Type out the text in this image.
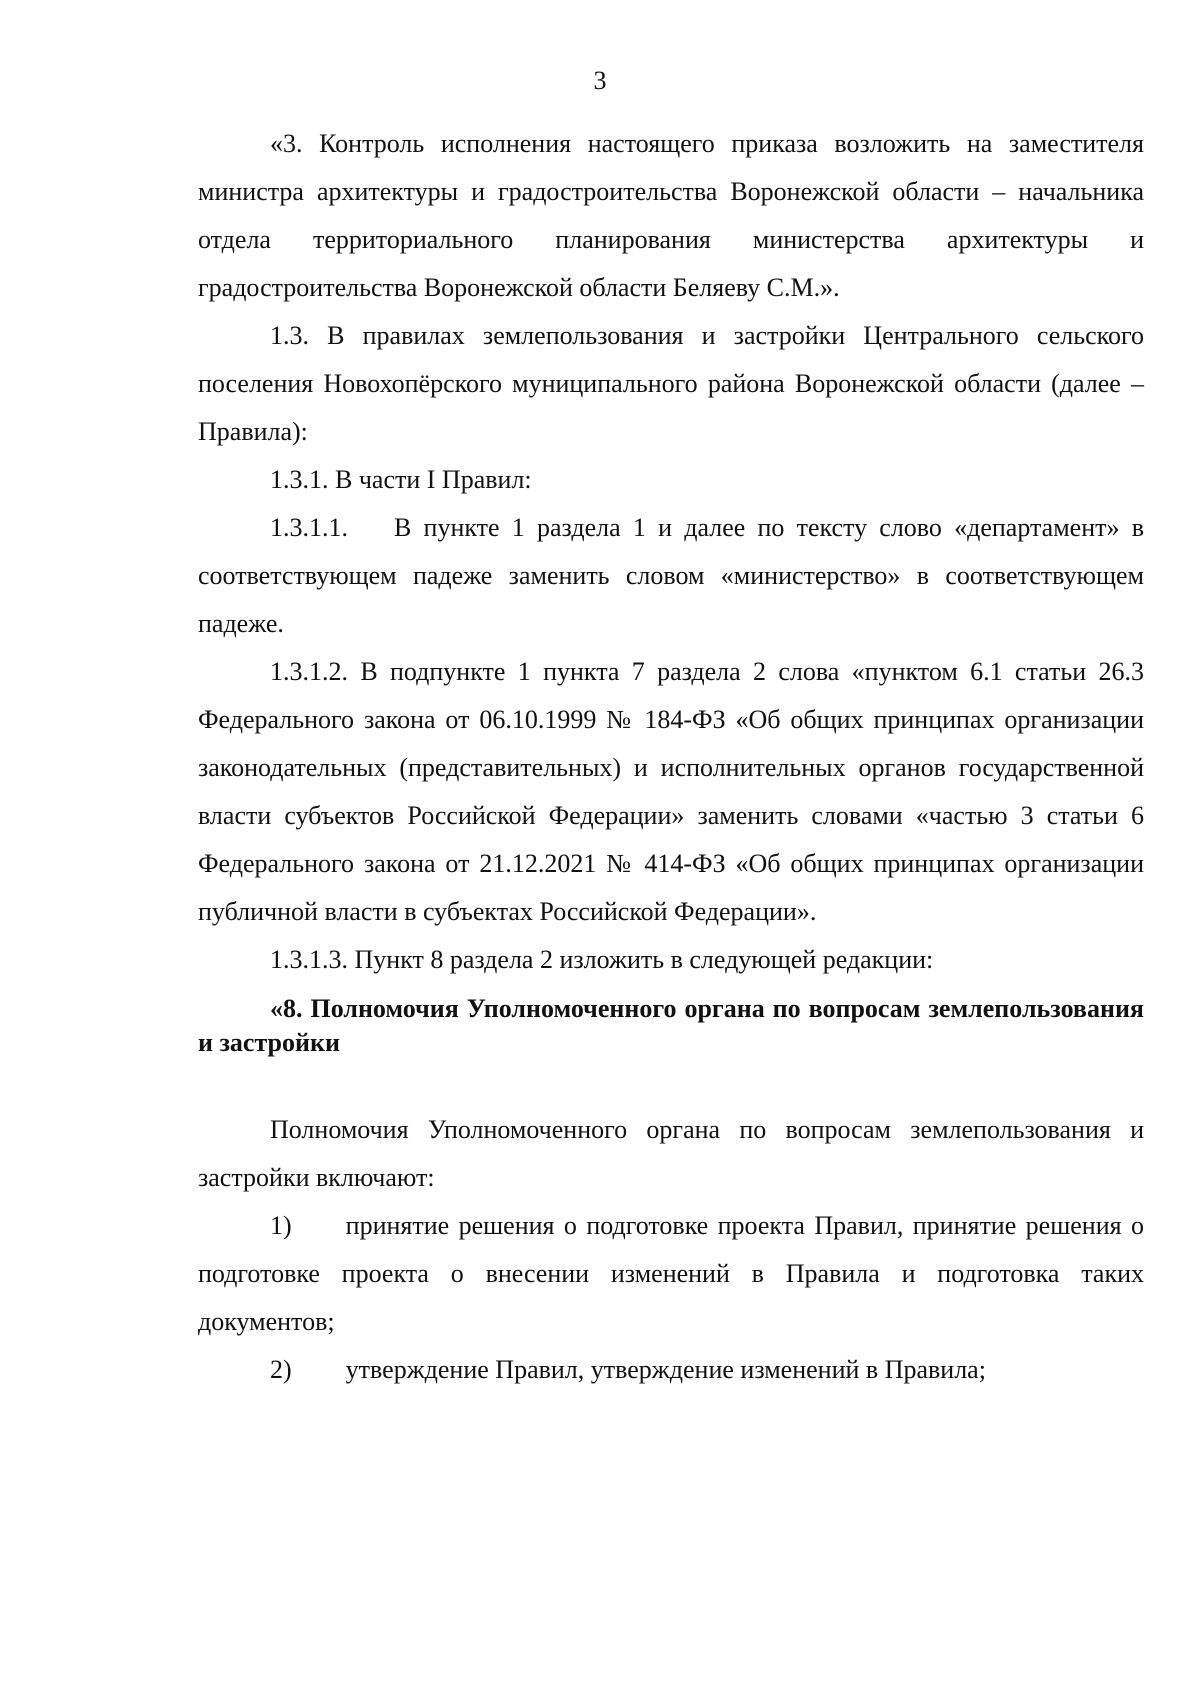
3

«3. Контроль исполнения настоящего приказа возложить на заместителя министра архитектуры и градостроительства Воронежской области – начальника отдела территориального планирования министерства архитектуры и градостроительства Воронежской области Беляеву С.М.».

1.3. В правилах землепользования и застройки Центрального сельского поселения Новохопёрского муниципального района Воронежской области (далее – Правила):

1.3.1. В части I Правил:

1.3.1.1. В пункте 1 раздела 1 и далее по тексту слово «департамент» в соответствующем падеже заменить словом «министерство» в соответствующем падеже.

1.3.1.2. В подпункте 1 пункта 7 раздела 2 слова «пунктом 6.1 статьи 26.3 Федерального закона от 06.10.1999 № 184-ФЗ «Об общих принципах организации законодательных (представительных) и исполнительных органов государственной власти субъектов Российской Федерации» заменить словами «частью 3 статьи 6 Федерального закона от 21.12.2021 № 414-ФЗ «Об общих принципах организации публичной власти в субъектах Российской Федерации».

1.3.1.3. Пункт 8 раздела 2 изложить в следующей редакции:

«8. Полномочия Уполномоченного органа по вопросам землепользования и застройки

Полномочия Уполномоченного органа по вопросам землепользования и застройки включают:

1) принятие решения о подготовке проекта Правил, принятие решения о подготовке проекта о внесении изменений в Правила и подготовка таких документов;

2) утверждение Правил, утверждение изменений в Правила;
